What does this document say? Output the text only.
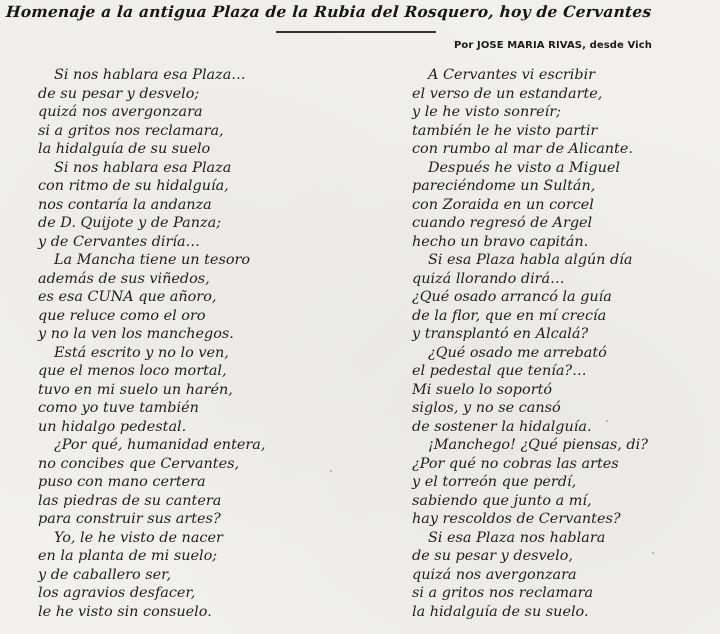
Homenaje a la antigua Plaza de la Rubia del Rosquero, hoy de Cervantes
Por JOSE MARIA RIVAS, desde Vich
Si nos hablara esa Plaza…
de su pesar y desvelo;
quizá nos avergonzara
si a gritos nos reclamara,
la hidalguía de su suelo
Si nos hablara esa Plaza
con ritmo de su hidalguía,
nos contaría la andanza
de D. Quijote y de Panza;
y de Cervantes diría…
La Mancha tiene un tesoro
además de sus viñedos,
es esa CUNA que añoro,
que reluce como el oro
y no la ven los manchegos.
Está escrito y no lo ven,
que el menos loco mortal,
tuvo en mi suelo un harén,
como yo tuve también
un hidalgo pedestal.
¿Por qué, humanidad entera,
no concibes que Cervantes,
puso con mano certera
las piedras de su cantera
para construir sus artes?
Yo, le he visto de nacer
en la planta de mi suelo;
y de caballero ser,
los agravios desfacer,
le he visto sin consuelo.
A Cervantes vi escribir
el verso de un estandarte,
y le he visto sonreír;
también le he visto partir
con rumbo al mar de Alicante.
Después he visto a Miguel
pareciéndome un Sultán,
con Zoraida en un corcel
cuando regresó de Argel
hecho un bravo capitán.
Si esa Plaza habla algún día
quizá llorando dirá…
¿Qué osado arrancó la guía
de la flor, que en mí crecía
y transplantó en Alcalá?
¿Qué osado me arrebató
el pedestal que tenía?…
Mi suelo lo soportó
siglos, y no se cansó
de sostener la hidalguía.
¡Manchego! ¿Qué piensas, di?
¿Por qué no cobras las artes
y el torreón que perdí,
sabiendo que junto a mí,
hay rescoldos de Cervantes?
Si esa Plaza nos hablara
de su pesar y desvelo,
quizá nos avergonzara
si a gritos nos reclamara
la hidalguía de su suelo.
